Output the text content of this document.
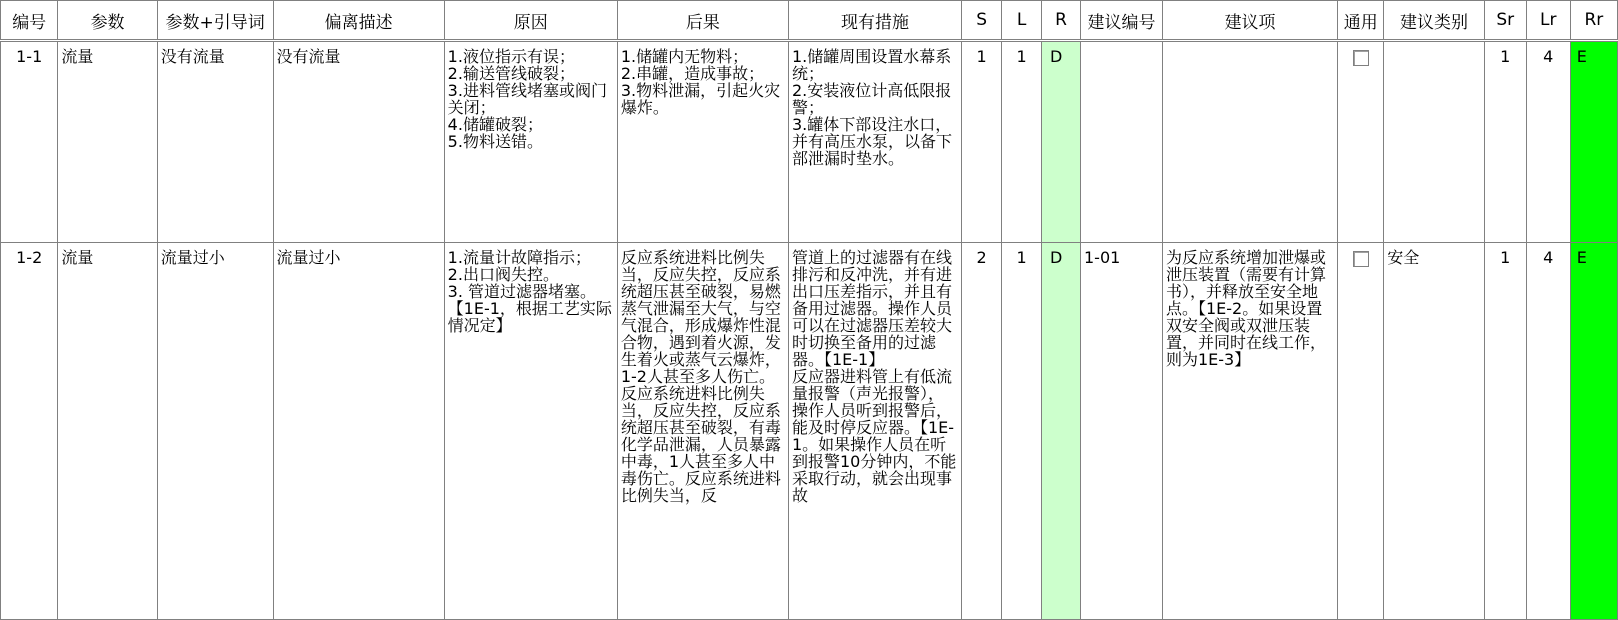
编号	参数	参数+引导词	偏离描述	原因	后果	现有措施	S	L	R	建议编号	建议项	通用	建议类别	Sr	Lr	Rr
1-1	流量	没有流量	没有流量	1.液位指示有误；
2.输送管线破裂；
3.进料管线堵塞或阀门关闭；
4.储罐破裂；
5.物料送错。	1.储罐内无物料；
2.串罐，造成事故；
3.物料泄漏，引起火灾爆炸。	1.储罐周围设置水幕系统；
2.安装液位计高低限报警；
3.罐体下部设注水口，并有高压水泵，以备下部泄漏时垫水。	1	1	D					1	4	E
1-2	流量	流量过小	流量过小	1.流量计故障指示；
2.出口阀失控。
3. 管道过滤器堵塞。【1E-1，根据工艺实际情况定】	反应系统进料比例失当，反应失控，反应系统超压甚至破裂，易燃蒸气泄漏至大气，与空气混合，形成爆炸性混合物，遇到着火源，发生着火或蒸气云爆炸，1-2人甚至多人伤亡。反应系统进料比例失当，反应失控，反应系统超压甚至破裂，有毒化学品泄漏，人员暴露中毒，1人甚至多人中毒伤亡。反应系统进料比例失当，反	管道上的过滤器有在线排污和反冲洗，并有进出口压差指示，并且有备用过滤器。操作人员可以在过滤器压差较大时切换至备用的过滤器。【1E-1】
反应器进料管上有低流量报警（声光报警），操作人员听到报警后，能及时停反应器。【1E-1。如果操作人员在听到报警10分钟内，不能采取行动，就会出现事故	2	1	D	1-01	为反应系统增加泄爆或泄压装置（需要有计算书），并释放至安全地点。【1E-2。如果设置双安全阀或双泄压装置，并同时在线工作，则为1E-3】		安全	1	4	E
